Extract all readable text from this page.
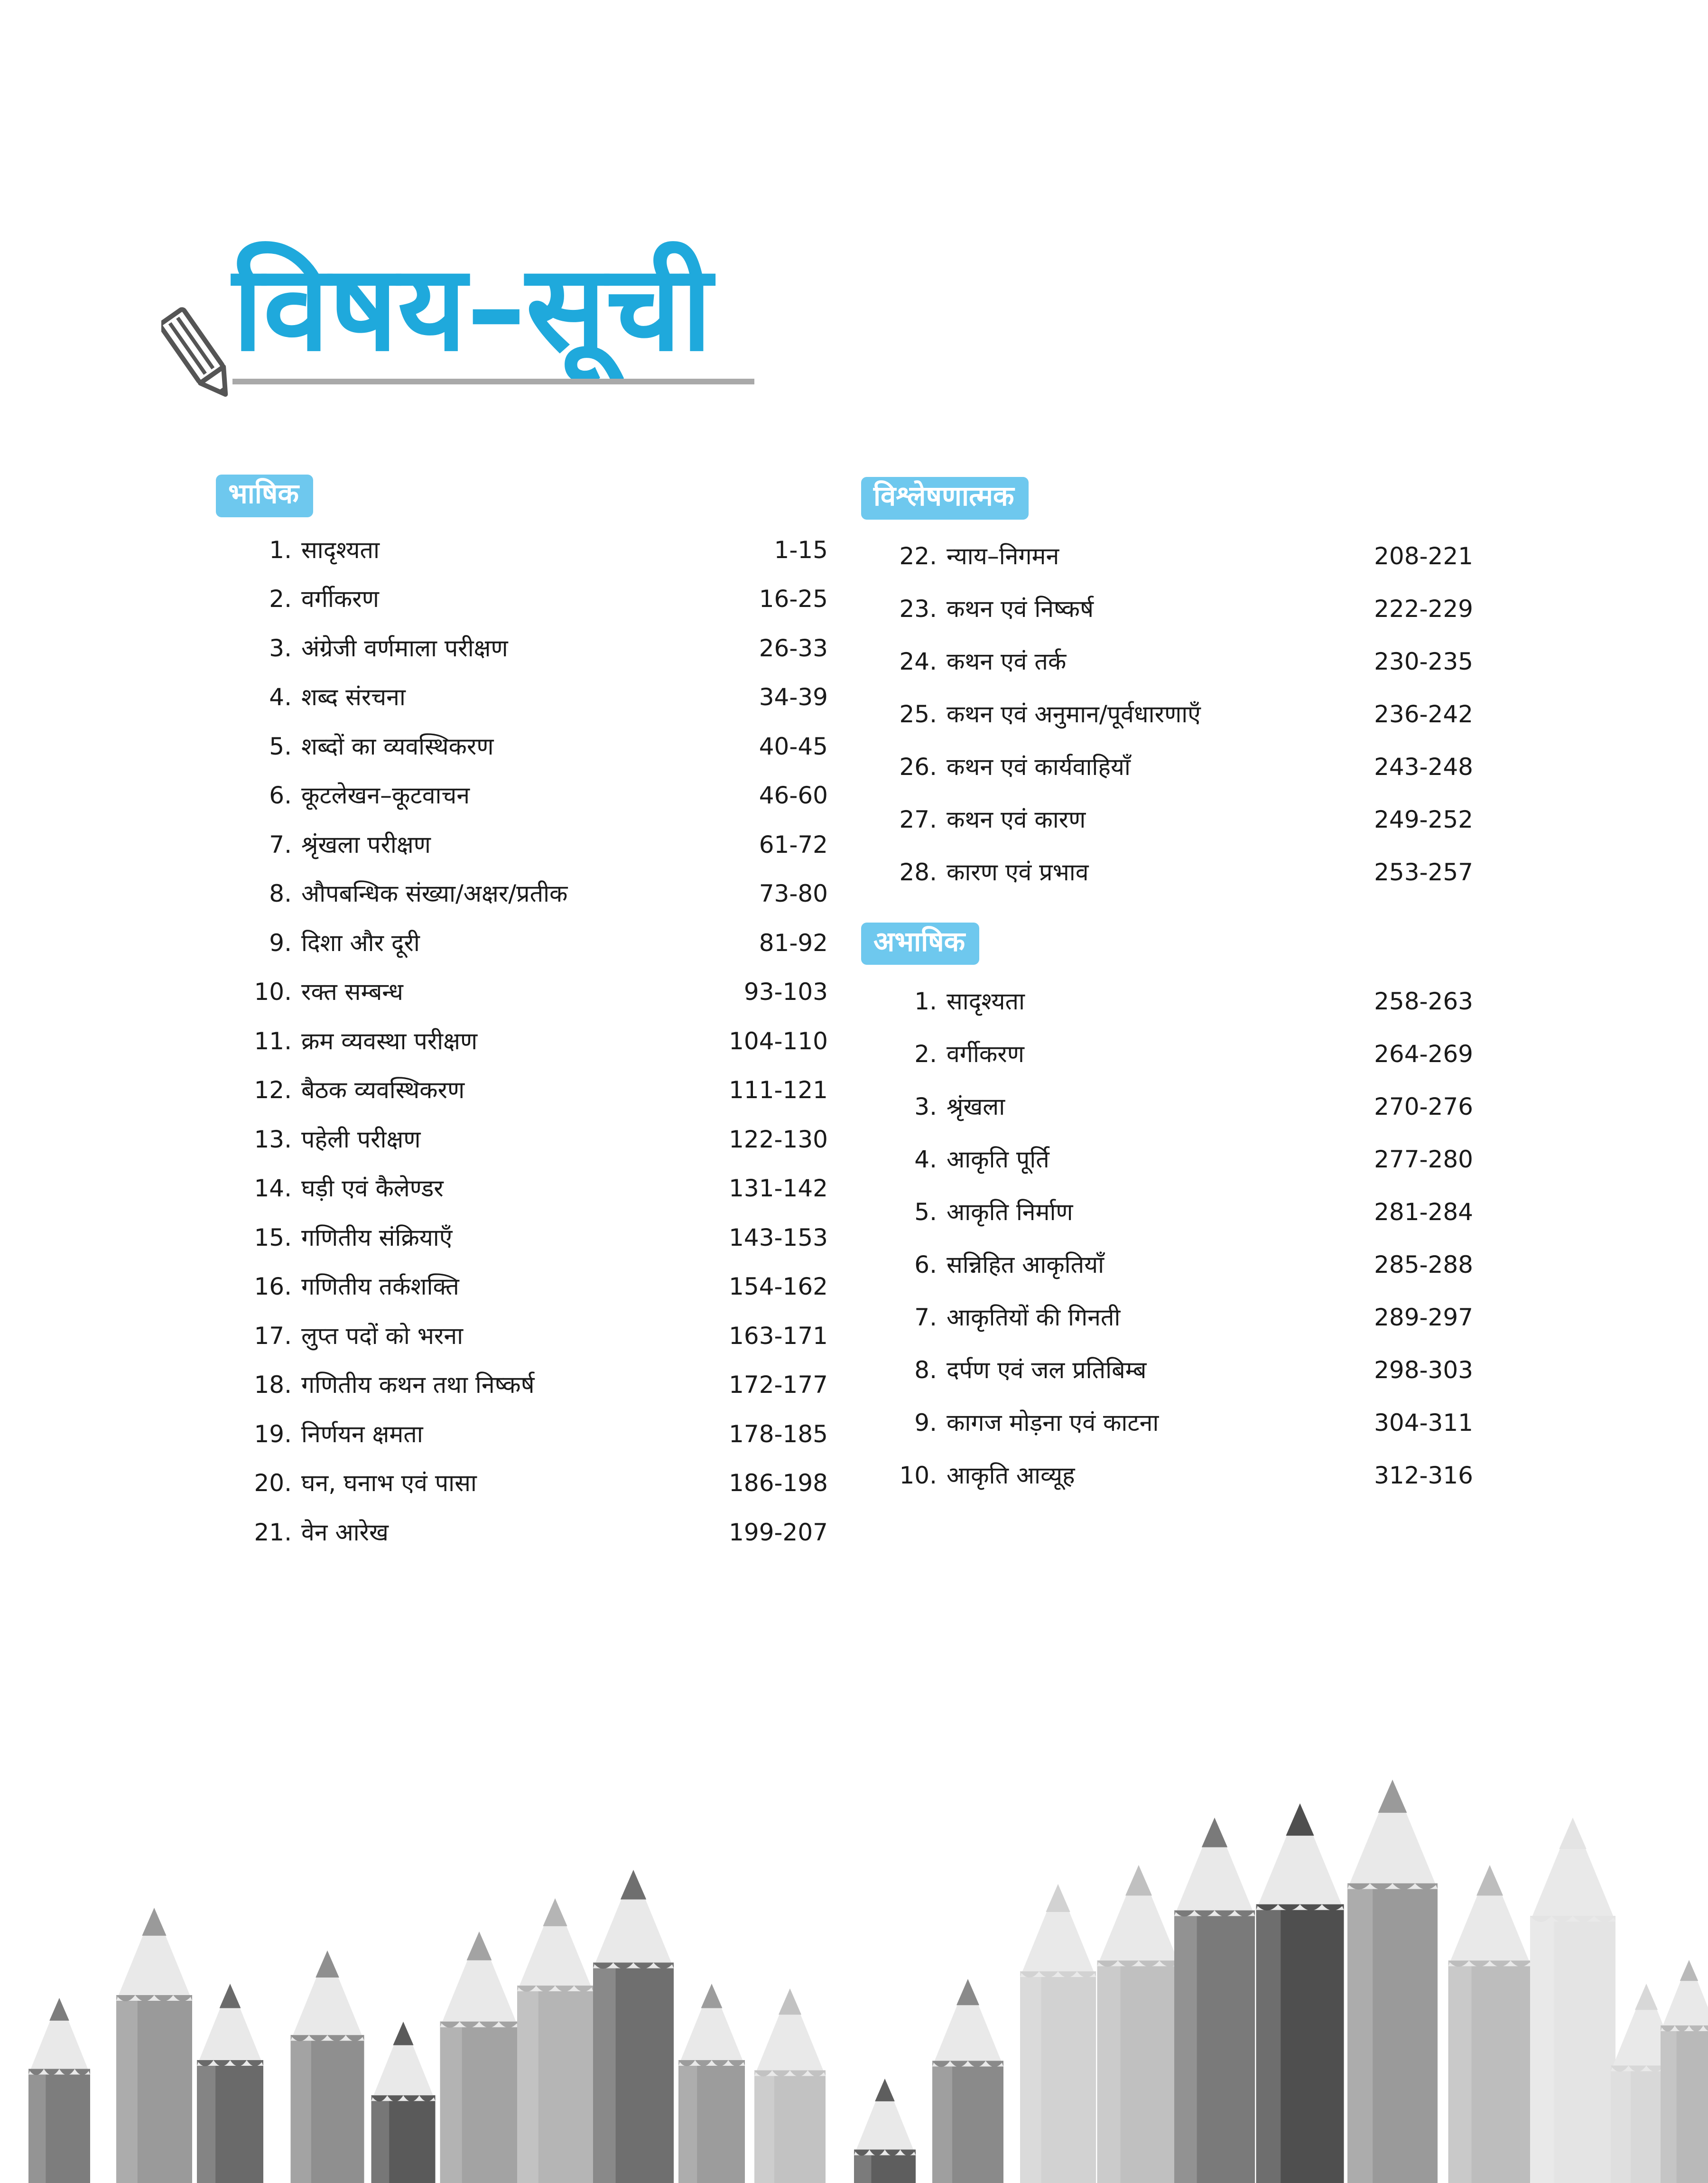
विषय–सूची
भाषिक
1. सादृश्यता	1-15
2. वर्गीकरण	16-25
3. अंग्रेजी वर्णमाला परीक्षण	26-33
4. शब्द संरचना	34-39
5. शब्दों का व्यवस्थिकरण	40-45
6. कूटलेखन–कूटवाचन	46-60
7. श्रृंखला परीक्षण	61-72
8. औपबन्धिक संख्या/अक्षर/प्रतीक	73-80
9. दिशा और दूरी	81-92
10. रक्त सम्बन्ध	93-103
11. क्रम व्यवस्था परीक्षण	104-110
12. बैठक व्यवस्थिकरण	111-121
13. पहेली परीक्षण	122-130
14. घड़ी एवं कैलेण्डर	131-142
15. गणितीय संक्रियाएँ	143-153
16. गणितीय तर्कशक्ति	154-162
17. लुप्त पदों को भरना	163-171
18. गणितीय कथन तथा निष्कर्ष	172-177
19. निर्णयन क्षमता	178-185
20. घन, घनाभ एवं पासा	186-198
21. वेन आरेख	199-207
विश्लेषणात्मक
22. न्याय–निगमन	208-221
23. कथन एवं निष्कर्ष	222-229
24. कथन एवं तर्क	230-235
25. कथन एवं अनुमान/पूर्वधारणाएँ	236-242
26. कथन एवं कार्यवाहियाँ	243-248
27. कथन एवं कारण	249-252
28. कारण एवं प्रभाव	253-257
अभाषिक
1. सादृश्यता	258-263
2. वर्गीकरण	264-269
3. श्रृंखला	270-276
4. आकृति पूर्ति	277-280
5. आकृति निर्माण	281-284
6. सन्निहित आकृतियाँ	285-288
7. आकृतियों की गिनती	289-297
8. दर्पण एवं जल प्रतिबिम्ब	298-303
9. कागज मोड़ना एवं काटना	304-311
10. आकृति आव्यूह	312-316
